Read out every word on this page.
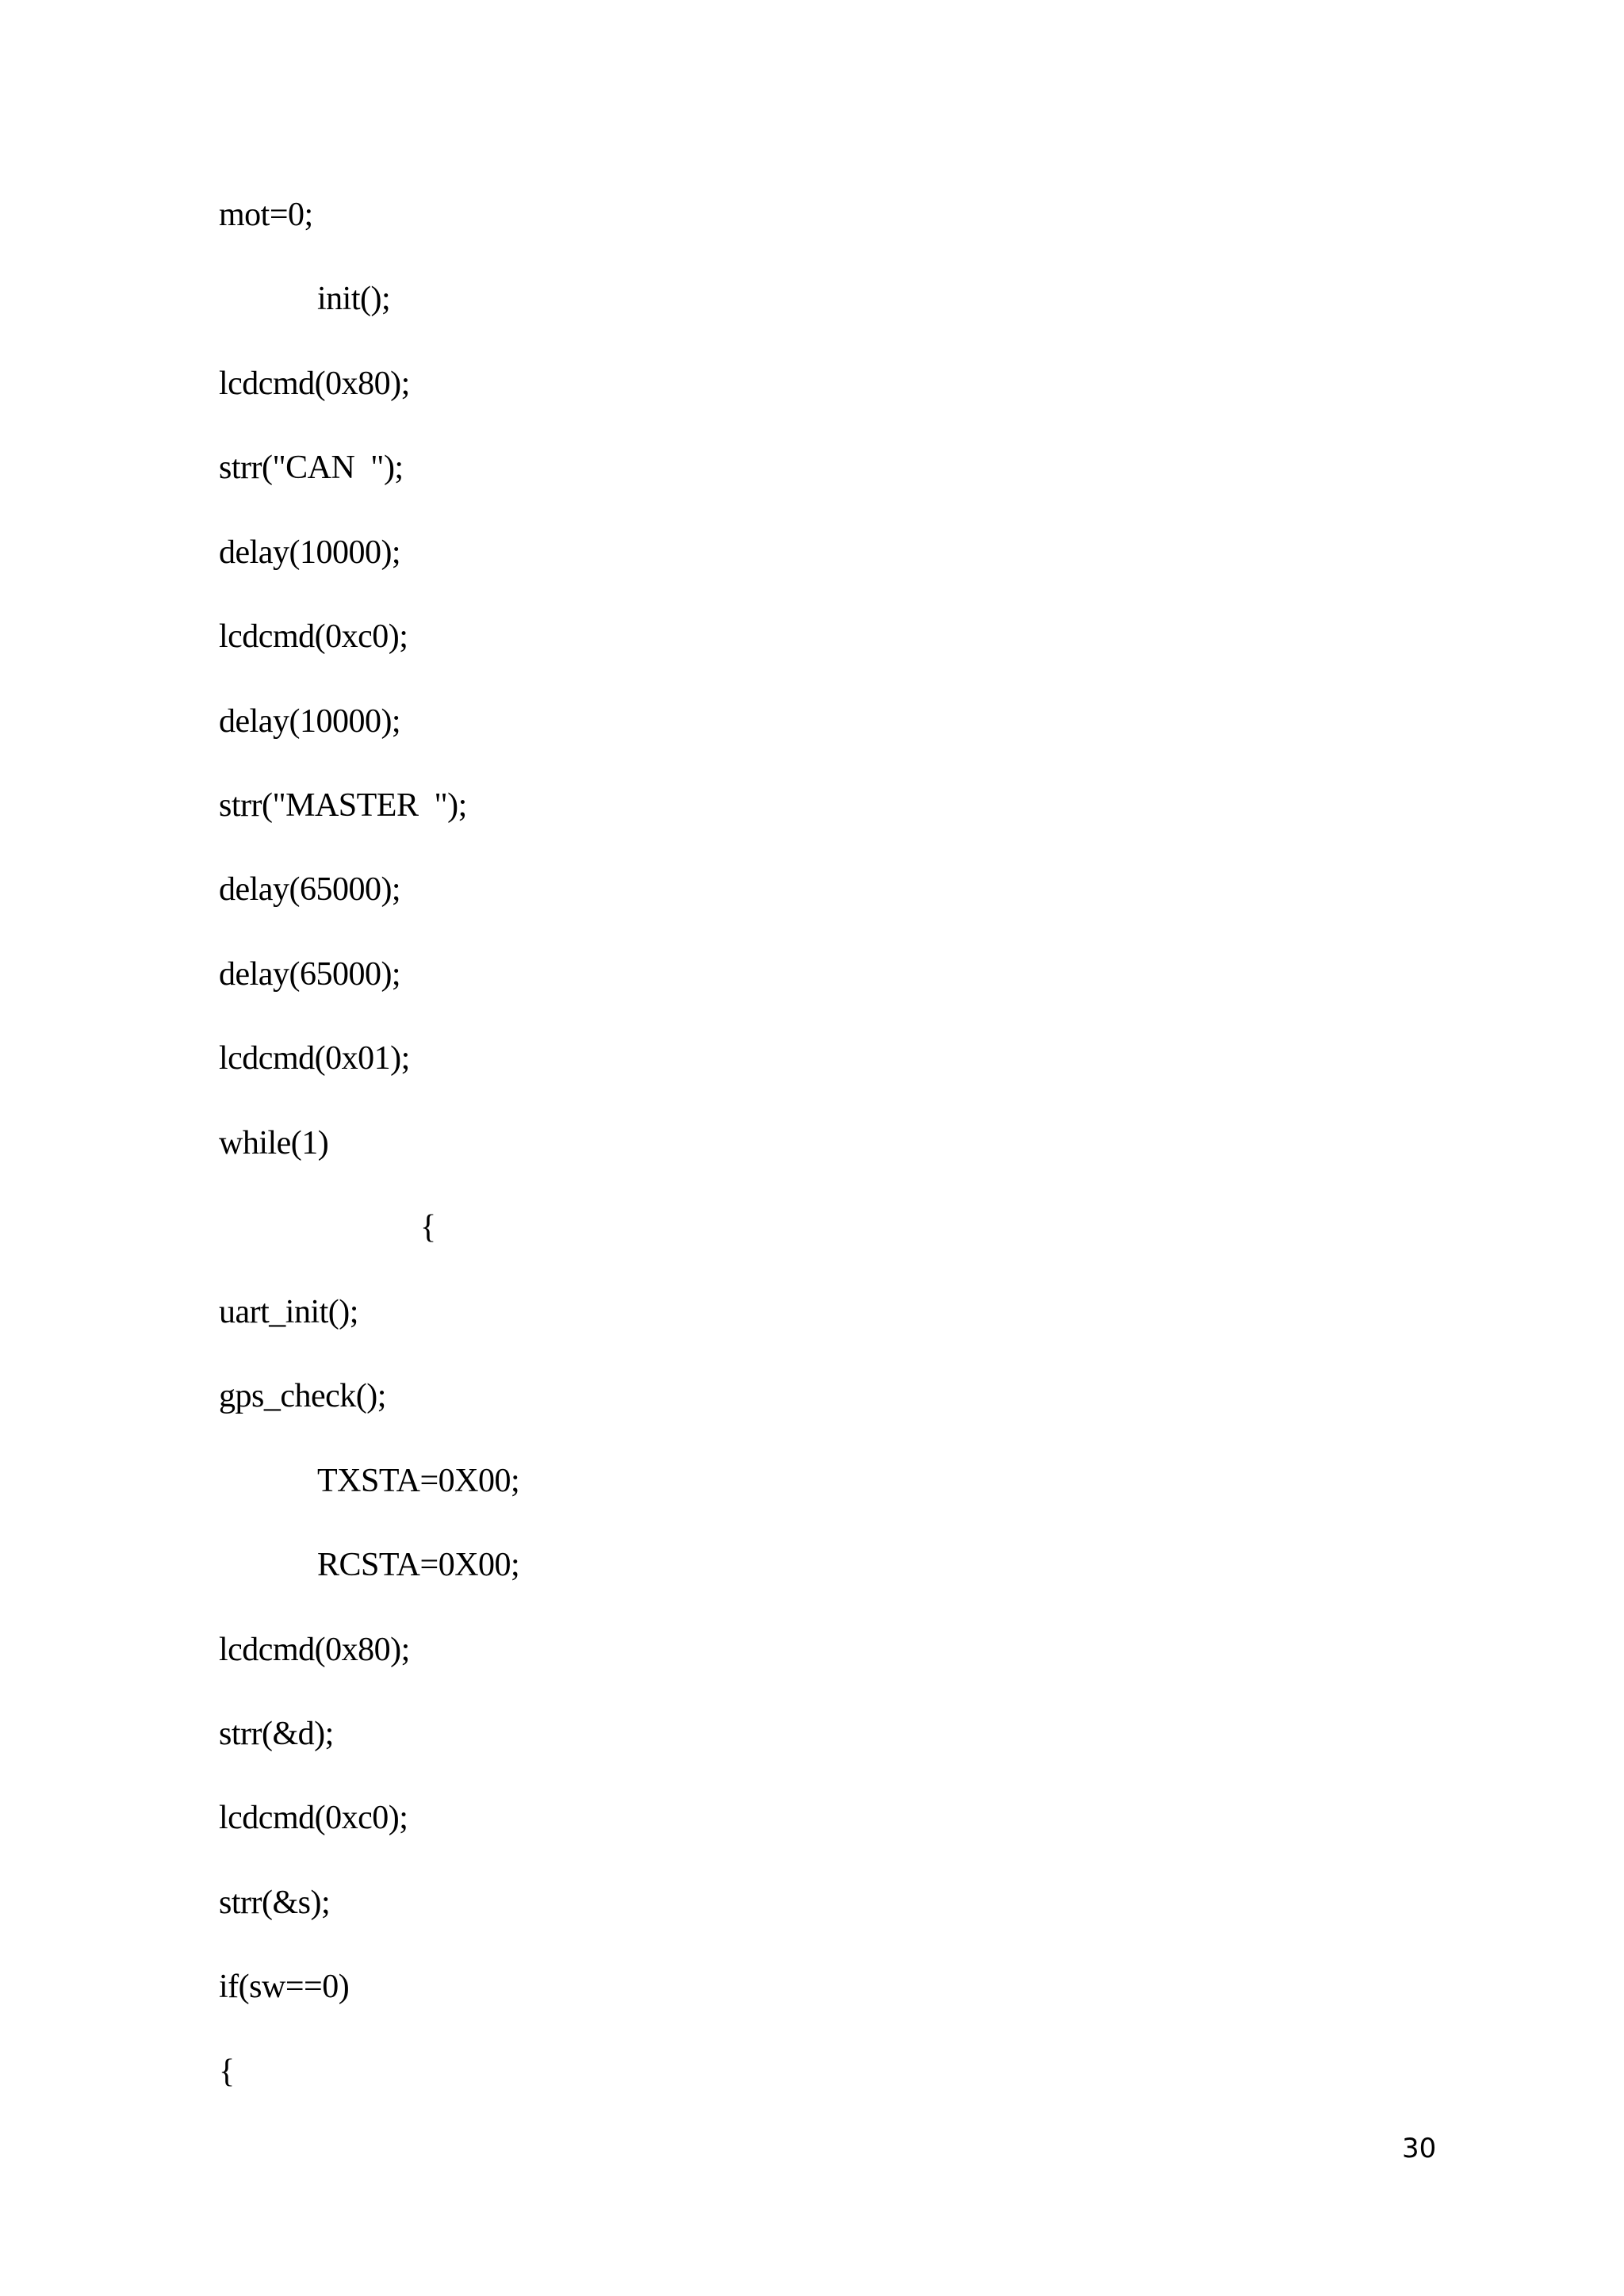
mot=0;
init();
lcdcmd(0x80);
strr("CAN  ");
delay(10000);
lcdcmd(0xc0);
delay(10000);
strr("MASTER  ");
delay(65000);
delay(65000);
lcdcmd(0x01);
while(1)
{
uart_init();
gps_check();
TXSTA=0X00;
RCSTA=0X00;
lcdcmd(0x80);
strr(&d);
lcdcmd(0xc0);
strr(&s);
if(sw==0)
{
30
